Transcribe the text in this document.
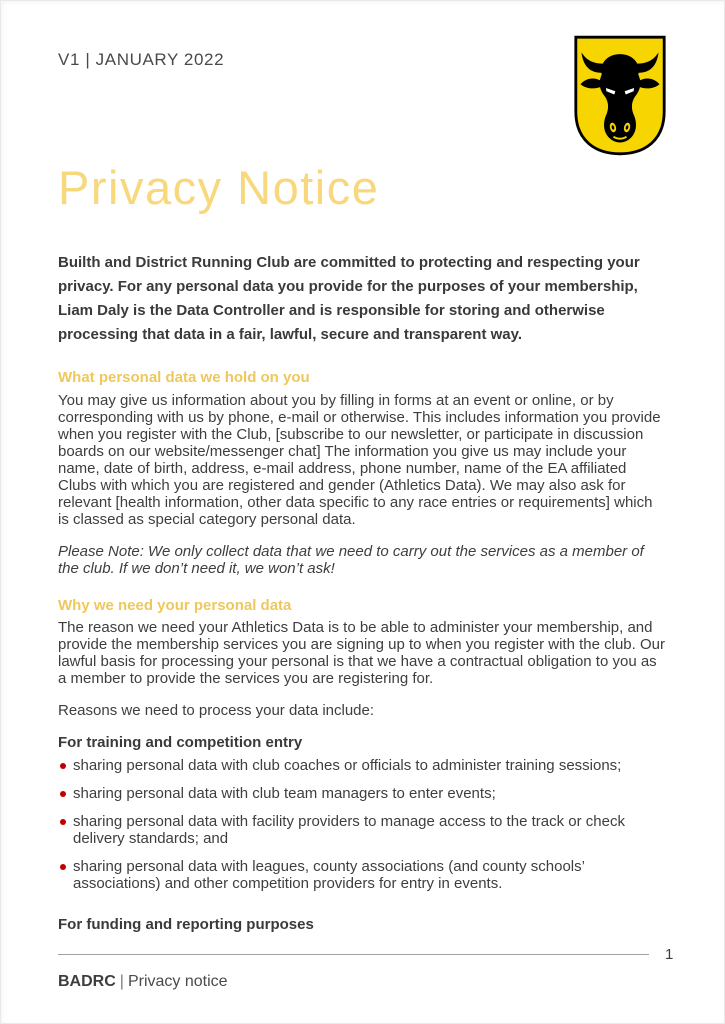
V1 | JANUARY 2022
Privacy Notice

Builth and District Running Club are committed to protecting and respecting your privacy. For any personal data you provide for the purposes of your membership, Liam Daly is the Data Controller and is responsible for storing and otherwise processing that data in a fair, lawful, secure and transparent way.

What personal data we hold on you

You may give us information about you by filling in forms at an event or online, or by corresponding with us by phone, e-mail or otherwise. This includes information you provide when you register with the Club, [subscribe to our newsletter, or participate in discussion boards on our website/messenger chat] The information you give us may include your name, date of birth, address, e-mail address, phone number, name of the EA affiliated Clubs with which you are registered and gender (Athletics Data). We may also ask for relevant [health information, other data specific to any race entries or requirements] which is classed as special category personal data.

Please Note: We only collect data that we need to carry out the services as a member of the club. If we don’t need it, we won’t ask!

Why we need your personal data

The reason we need your Athletics Data is to be able to administer your membership, and provide the membership services you are signing up to when you register with the club. Our lawful basis for processing your personal is that we have a contractual obligation to you as a member to provide the services you are registering for.

Reasons we need to process your data include:

For training and competition entry
sharing personal data with club coaches or officials to administer training sessions;
sharing personal data with club team managers to enter events;
sharing personal data with facility providers to manage access to the track or check delivery standards; and
sharing personal data with leagues, county associations (and county schools’ associations) and other competition providers for entry in events.
For funding and reporting purposes
1
BADRC | Privacy notice
